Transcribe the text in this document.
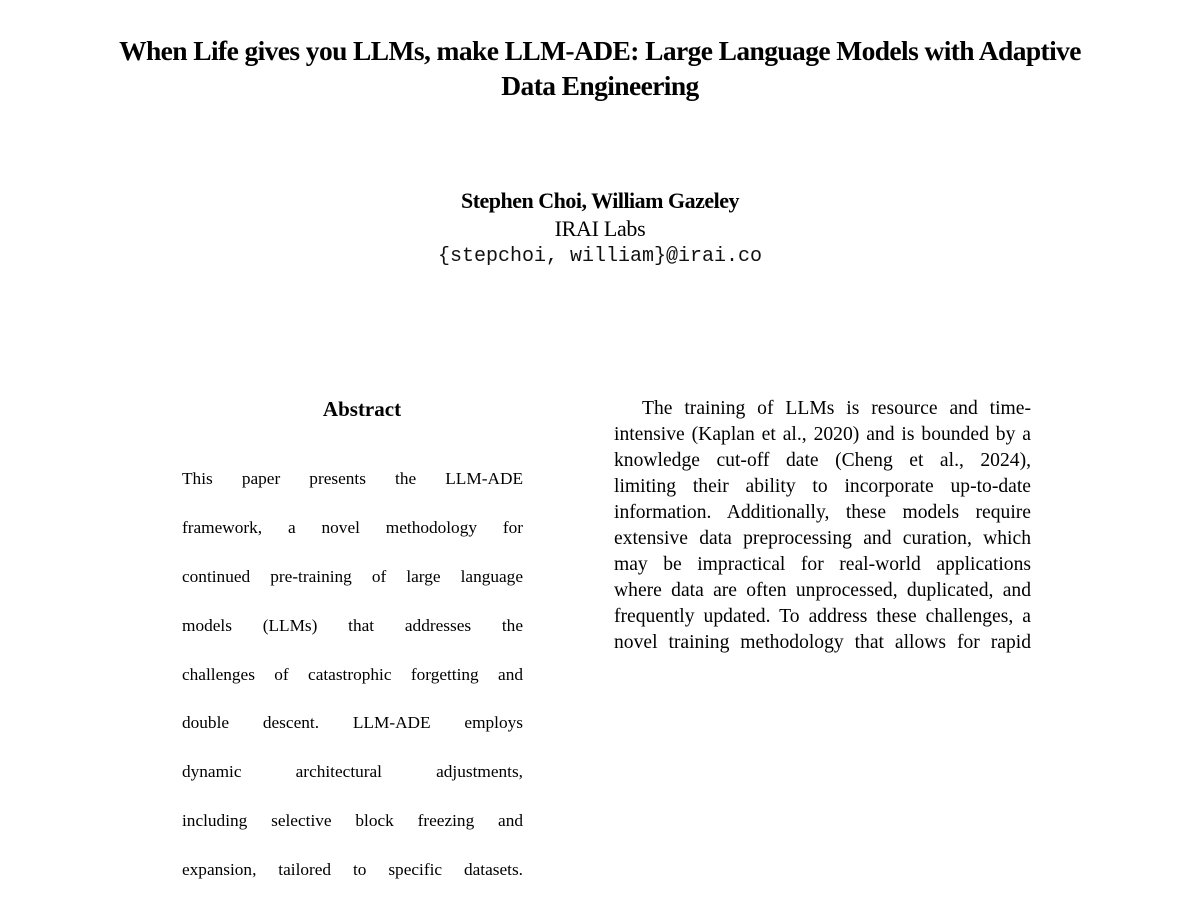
When Life gives you LLMs, make LLM-ADE: Large Language Models with Adaptive
Data Engineering
Stephen Choi, William Gazeley
IRAI Labs
{stepchoi, william}@irai.co
Abstract

This paper presents the LLM-ADE

framework, a novel methodology for

continued pre-training of large language

models (LLMs) that addresses the

challenges of catastrophic forgetting and

double descent. LLM-ADE employs

dynamic architectural adjustments,

including selective block freezing and

expansion, tailored to specific datasets.

The training of LLMs is resource and time-
intensive (Kaplan et al., 2020) and is bounded by a
knowledge cut-off date (Cheng et al., 2024),
limiting their ability to incorporate up-to-date
information. Additionally, these models require
extensive data preprocessing and curation, which
may be impractical for real-world applications
where data are often unprocessed, duplicated, and
frequently updated. To address these challenges, a
novel training methodology that allows for rapid
